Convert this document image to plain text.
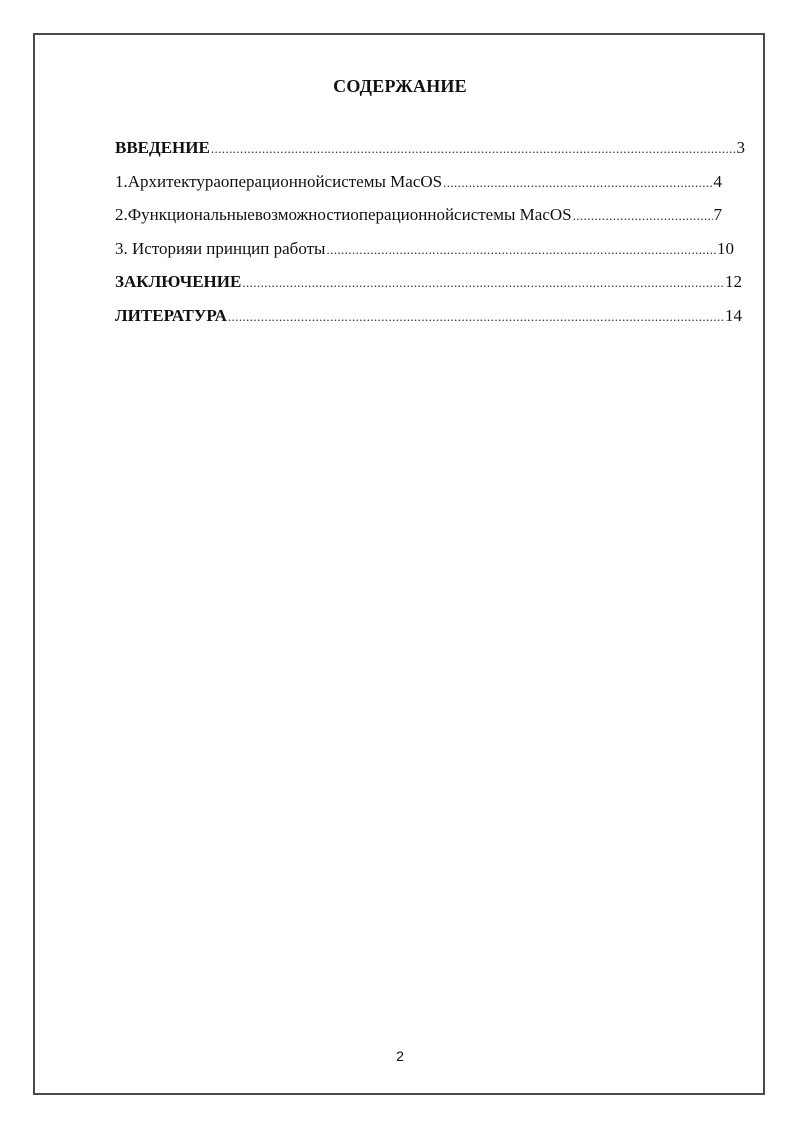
СОДЕРЖАНИЕ
ВВЕДЕНИЕ .....	3
1.Архитектураоперационнойсистемы MacOS .....	4
2.Функциональныевозможностиоперационнойсистемы MacOS .....	7
3. Историяи принцип работы .....	10
ЗАКЛЮЧЕНИЕ .....	12
ЛИТЕРАТУРА .....	14
2
